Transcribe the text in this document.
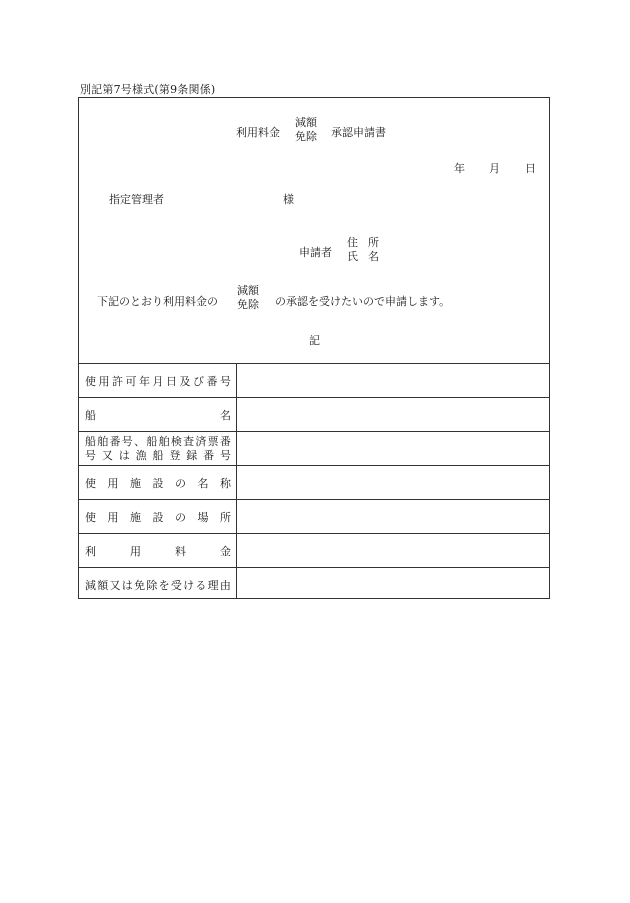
別記第7号様式(第9条関係)
利用料金
減額
免除 承認申請書
年 月 日
指定管理者	様
申請者
住 所
氏 名
下記のとおり利用料金の
減額
免除 の承認を受けたいので申請します。
記
使 用 許 可 年 月 日 及 び 番 号
船	名
船 舶 番 号 、 船 舶 検 査 済 票 番
号 又 は 漁 船 登 録 番 号
使 用 施 設 の 名 称
使 用 施 設 の 場 所
利	用	料	金
減 額 又 は 免 除 を 受 け る 理 由
